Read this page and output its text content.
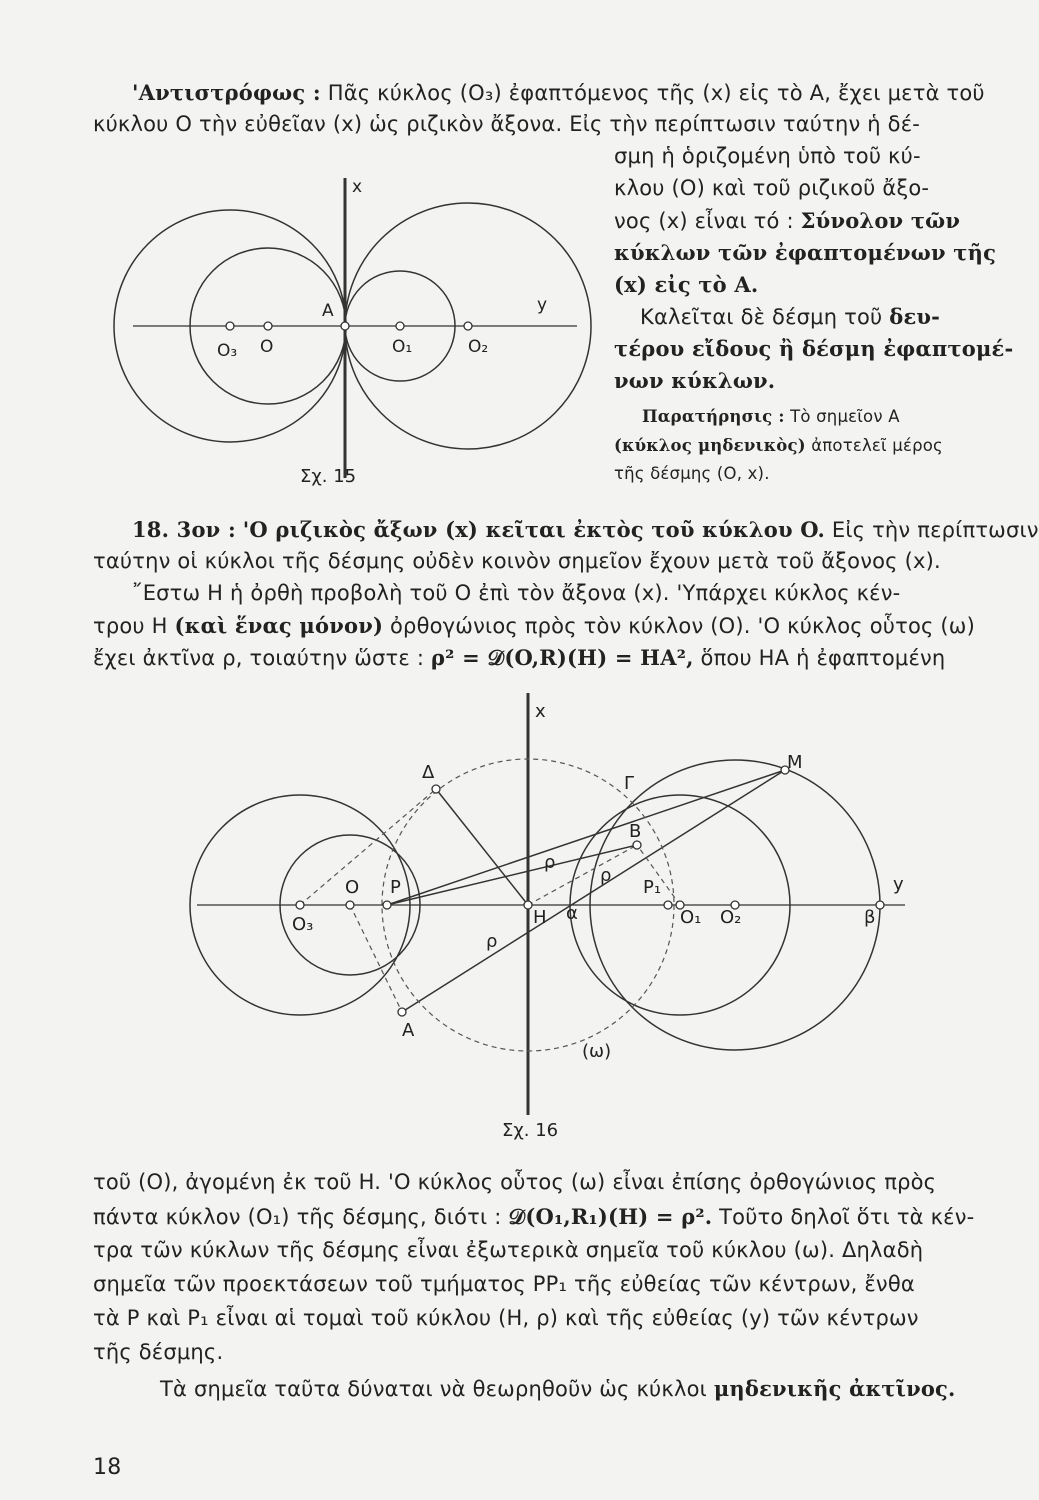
'Αντιστρόφως : Πᾶς κύκλος (O₃) ἐφαπτόμενος τῆς (x) εἰς τὸ A, ἔχει μετὰ τοῦ
κύκλου O τὴν εὐθεῖαν (x) ὡς ριζικὸν ἄξονα. Εἰς τὴν περίπτωσιν ταύτην ἡ δέ-
σμη ἡ ὁριζομένη ὑπὸ τοῦ κύ-
κλου (O) καὶ τοῦ ριζικοῦ ἄξο-
νος (x) εἶναι τό : Σύνολον τῶν
κύκλων τῶν ἐφαπτομένων τῆς
(x) εἰς τὸ A.
Καλεῖται δὲ δέσμη τοῦ δευ-
τέρου εἴδους ἢ δέσμη ἐφαπτομέ-
νων κύκλων.
Παρατήρησις : Τὸ σημεῖον A
(κύκλος μηδενικὸς) ἀποτελεῖ μέρος
τῆς δέσμης (O, x).
x
y
A
O₃ O	O₁	O₂
Σχ. 15
18. 3ον : 'Ο ριζικὸς ἄξων (x) κεῖται ἐκτὸς τοῦ κύκλου O. Εἰς τὴν περίπτωσιν
ταύτην οἱ κύκλοι τῆς δέσμης οὐδὲν κοινὸν σημεῖον ἔχουν μετὰ τοῦ ἄξονος (x).
῎Εστω H ἡ ὀρθὴ προβολὴ τοῦ O ἐπὶ τὸν ἄξονα (x). 'Υπάρχει κύκλος κέν-
τρου H (καὶ ἕνας μόνον) ὀρθογώνιος πρὸς τὸν κύκλον (O). 'O κύκλος οὗτος (ω)
ἔχει ἀκτῖνα ρ, τοιαύτην ὥστε : ρ² = 𝒟(O,R)(H) = HA², ὅπου HA ἡ ἐφαπτομένη
x
y
Δ
Γ
M
B
ρ
ρ
ρ
O P	P₁
O₃	H α	O₁ O₂	β
A
(ω)
Σχ. 16
τοῦ (O), ἀγομένη ἐκ τοῦ H. 'O κύκλος οὗτος (ω) εἶναι ἐπίσης ὀρθογώνιος πρὸς
πάντα κύκλον (O₁) τῆς δέσμης, διότι : 𝒟(O₁,R₁)(H) = ρ². Τοῦτο δηλοῖ ὅτι τὰ κέν-
τρα τῶν κύκλων τῆς δέσμης εἶναι ἐξωτερικὰ σημεῖα τοῦ κύκλου (ω). Δηλαδὴ
σημεῖα τῶν προεκτάσεων τοῦ τμήματος PP₁ τῆς εὐθείας τῶν κέντρων, ἔνθα
τὰ P καὶ P₁ εἶναι αἱ τομαὶ τοῦ κύκλου (H, ρ) καὶ τῆς εὐθείας (y) τῶν κέντρων
τῆς δέσμης.
Τὰ σημεῖα ταῦτα δύναται νὰ θεωρηθοῦν ὡς κύκλοι μηδενικῆς ἀκτῖνος.
18
